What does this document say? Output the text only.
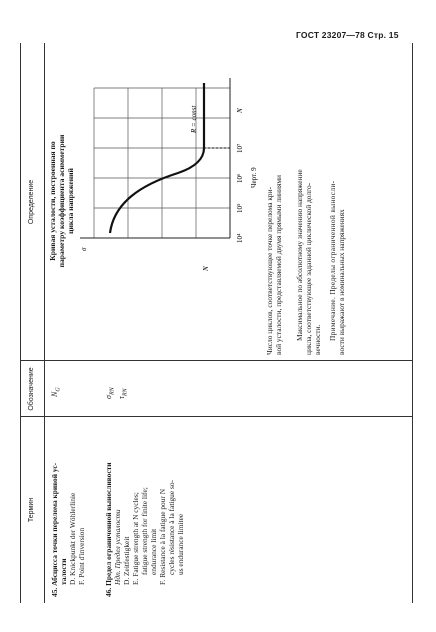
ГОСТ 23207—78 Стр. 15
Термин
Обозначение
Определение
45. Абсцисса точки перелома кривой ус- талости D. Knickpunkt der Wöhlerlinie F. Point d'inversion
$N_G$
46. Предел ограниченной выносливости Hдп. Предел усталости D. Zeitfestigkeit E. Fatigue strength at N cycles; fatigue strength for finite life; endurance limit F. Resistance à la fatigue pour N cycles résistance à la fatigue so- us endurance limitee
$\sigma_{RN}$
$\tau_{RN}$
Кривая усталости, построенная по параметру коэффициента асимметрии цикла напряжений
σ
R = const
10⁴
10⁵
10⁶
10⁷
N
N
Черт. 9
Число циклов, соответствующее точке перелома кри- вой усталости, представляемой двумя прямыми линиями Максимальное по абсолютному значению напряжение цикла, соответствующее заданной циклической долго- вечности. Примечание. Пределы ограниченной выносли- вости выражают в номинальных напряжениях
